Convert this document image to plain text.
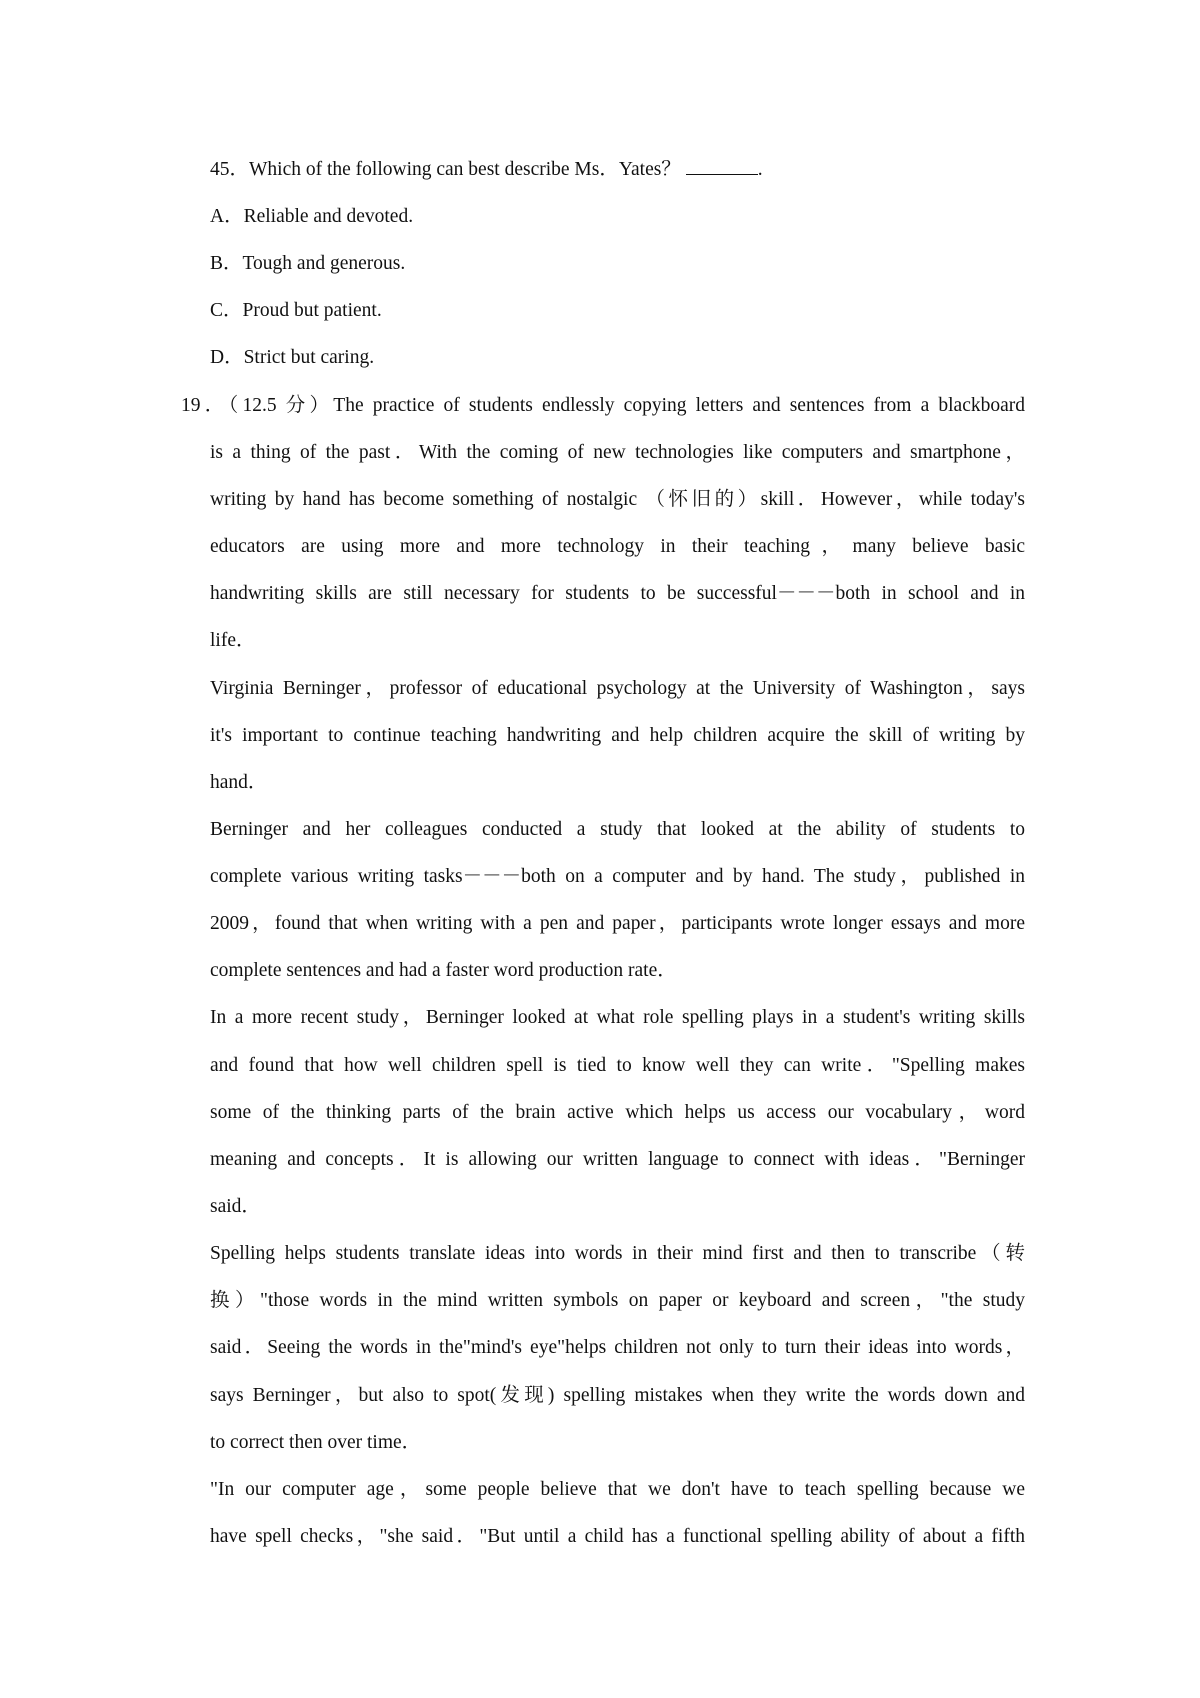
45．Which of the following can best describe Ms．Yates？	.
A．Reliable and devoted.
B．Tough and generous.
C．Proud but patient.
D．Strict but caring.
19．（12.5 分）The practice of students endlessly copying letters and sentences from a blackboard
is a thing of the past．With the coming of new technologies like computers and smartphone，
writing by hand has become something of nostalgic （怀旧的）skill．However，while today's
educators are using more and more technology in their teaching，many believe basic
handwriting skills are still necessary for students to be successful－－－both in school and in
life．
Virginia Berninger，professor of educational psychology at the University of Washington，says
it's important to continue teaching handwriting and help children acquire the skill of writing by
hand．
Berninger and her colleagues conducted a study that looked at the ability of students to
complete various writing tasks－－－both on a computer and by hand. The study，published in
2009，found that when writing with a pen and paper，participants wrote longer essays and more
complete sentences and had a faster word production rate．
In a more recent study，Berninger looked at what role spelling plays in a student's writing skills
and found that how well children spell is tied to know well they can write．"Spelling makes
some of the thinking parts of the brain active which helps us access our vocabulary，word
meaning and concepts．It is allowing our written language to connect with ideas．"Berninger
said．
Spelling helps students translate ideas into words in their mind first and then to transcribe（转
换）"those words in the mind written symbols on paper or keyboard and screen，"the study
said．Seeing the words in the"mind's eye"helps children not only to turn their ideas into words，
says Berninger，but also to spot(发现) spelling mistakes when they write the words down and
to correct then over time．
"In our computer age，some people believe that we don't have to teach spelling because we
have spell checks，"she said．"But until a child has a functional spelling ability of about a fifth
